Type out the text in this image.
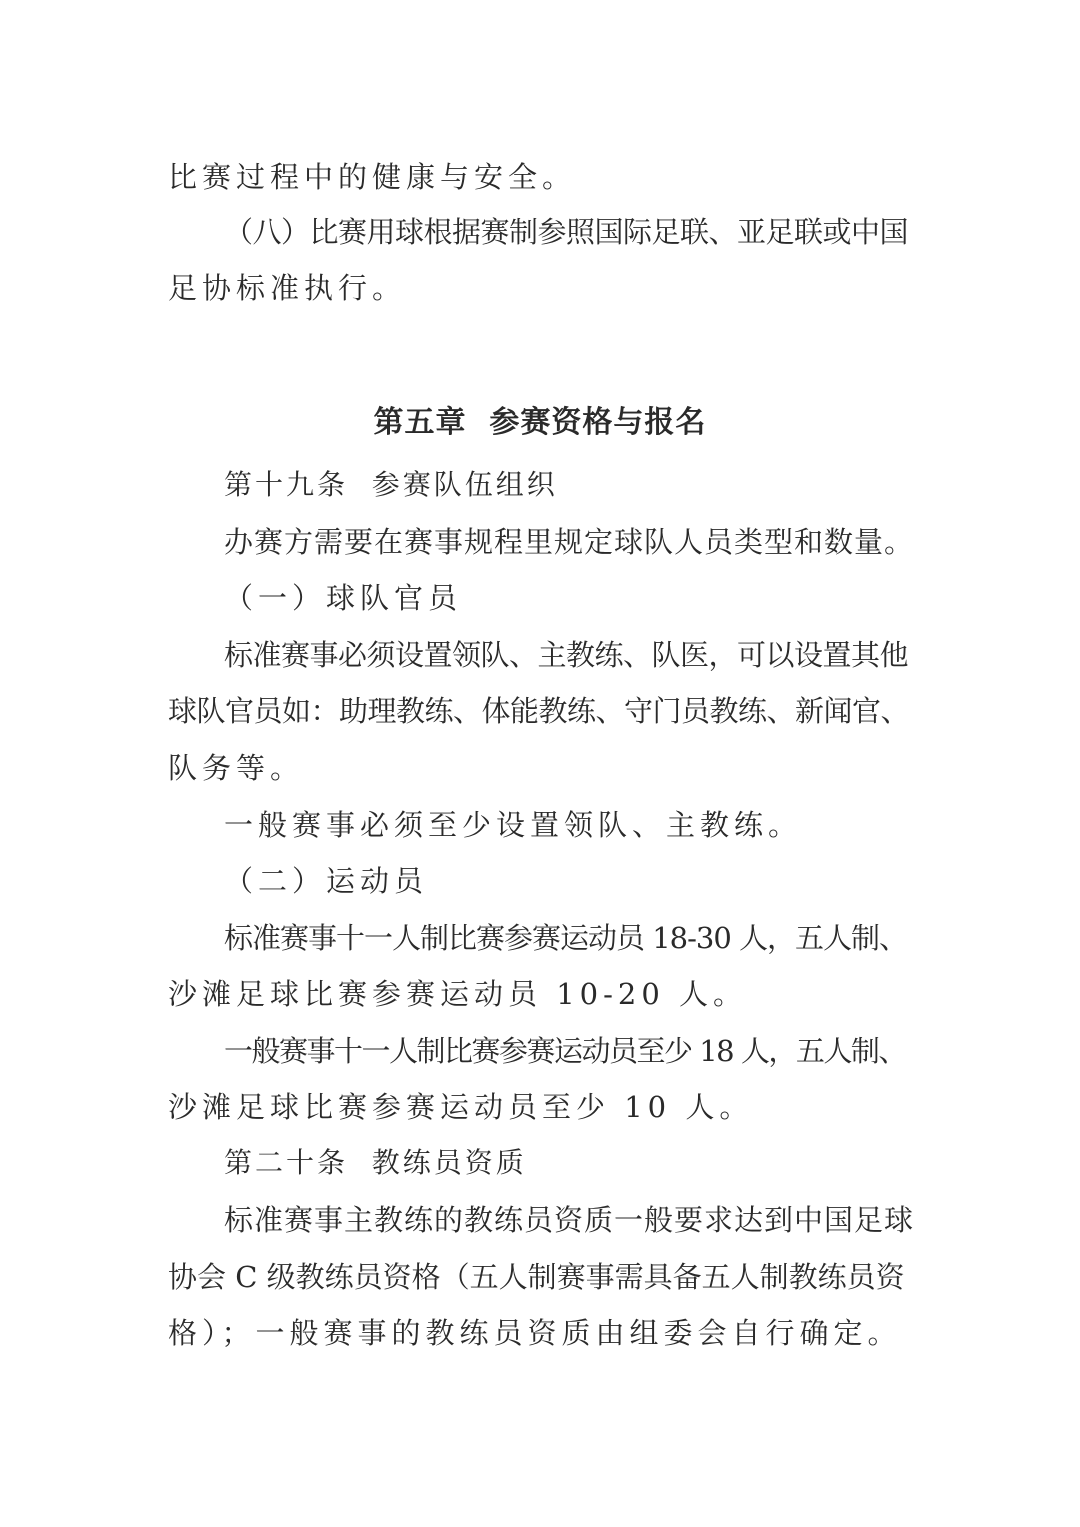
比赛过程中的健康与安全。
（八）比赛用球根据赛制参照国际足联、亚足联或中国
足协标准执行。
第五章  参赛资格与报名
第十九条  参赛队伍组织
办赛方需要在赛事规程里规定球队人员类型和数量。
（一）球队官员
标准赛事必须设置领队、主教练、队医，可以设置其他
球队官员如：助理教练、体能教练、守门员教练、新闻官、
队务等。
一般赛事必须至少设置领队、主教练。
（二）运动员
标准赛事十一人制比赛参赛运动员 18-30 人，五人制、
沙滩足球比赛参赛运动员 10-20 人。
一般赛事十一人制比赛参赛运动员至少 18 人，五人制、
沙滩足球比赛参赛运动员至少 10 人。
第二十条  教练员资质
标准赛事主教练的教练员资质一般要求达到中国足球
协会 C 级教练员资格（五人制赛事需具备五人制教练员资
格）；一般赛事的教练员资质由组委会自行确定。
